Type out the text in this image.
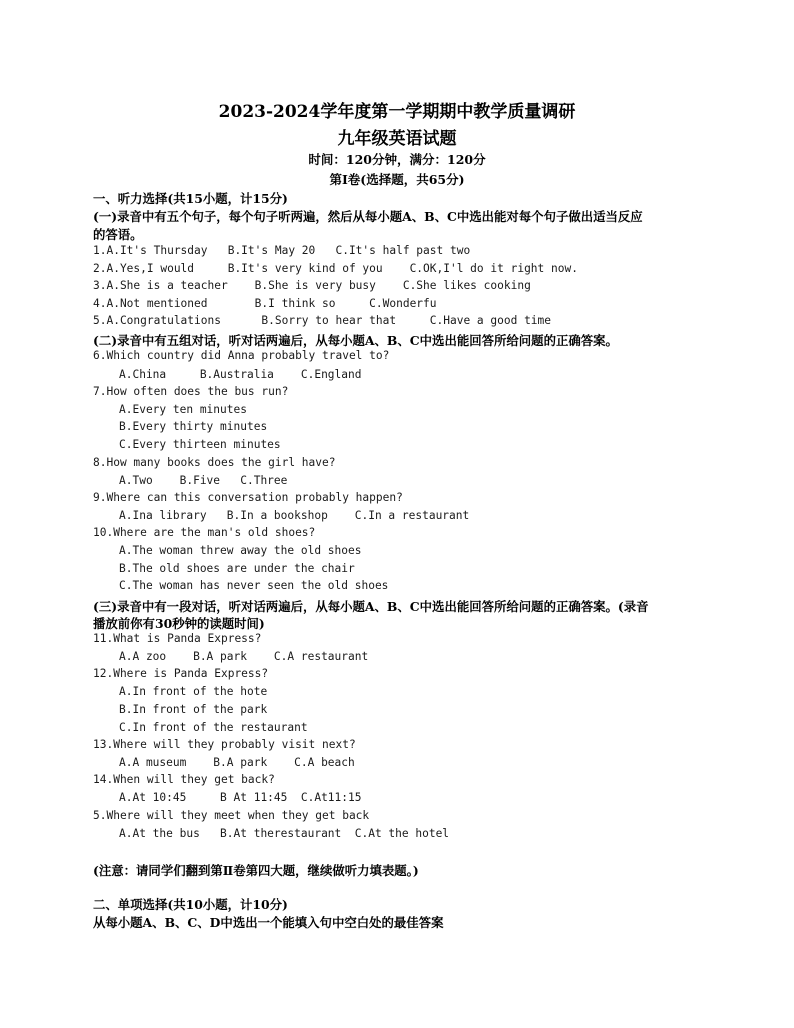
2023-2024学年度第一学期期中教学质量调研
九年级英语试题
时间：120分钟，满分：120分
第Ⅰ卷(选择题，共65分)
一、听力选择(共15小题，计15分)
(一)录音中有五个句子，每个句子听两遍，然后从每小题A、B、C中选出能对每个句子做出适当反应
的答语。
1.A.It's Thursday   B.It's May 20   C.It's half past two
2.A.Yes,I would     B.It's very kind of you    C.OK,I'l do it right now.
3.A.She is a teacher    B.She is very busy    C.She likes cooking
4.A.Not mentioned       B.I think so     C.Wonderfu
5.A.Congratulations      B.Sorry to hear that     C.Have a good time
(二)录音中有五组对话，听对话两遍后，从每小题A、B、C中选出能回答所给问题的正确答案。
6.Which country did Anna probably travel to?
A.China     B.Australia    C.England
7.How often does the bus run?
A.Every ten minutes
B.Every thirty minutes
C.Every thirteen minutes
8.How many books does the girl have?
A.Two    B.Five   C.Three
9.Where can this conversation probably happen?
A.Ina library   B.In a bookshop    C.In a restaurant
10.Where are the man's old shoes?
A.The woman threw away the old shoes
B.The old shoes are under the chair
C.The woman has never seen the old shoes
(三)录音中有一段对话，听对话两遍后，从每小题A、B、C中选出能回答所给问题的正确答案。(录音
播放前你有30秒钟的读题时间)
11.What is Panda Express?
A.A zoo    B.A park    C.A restaurant
12.Where is Panda Express?
A.In front of the hote
B.In front of the park
C.In front of the restaurant
13.Where will they probably visit next?
A.A museum    B.A park    C.A beach
14.When will they get back?
A.At 10:45     B At 11:45  C.At11:15
5.Where will they meet when they get back
A.At the bus   B.At therestaurant  C.At the hotel
(注意：请同学们翻到第Ⅱ卷第四大题，继续做听力填表题。)
二、单项选择(共10小题，计10分)
从每小题A、B、C、D中选出一个能填入句中空白处的最佳答案
